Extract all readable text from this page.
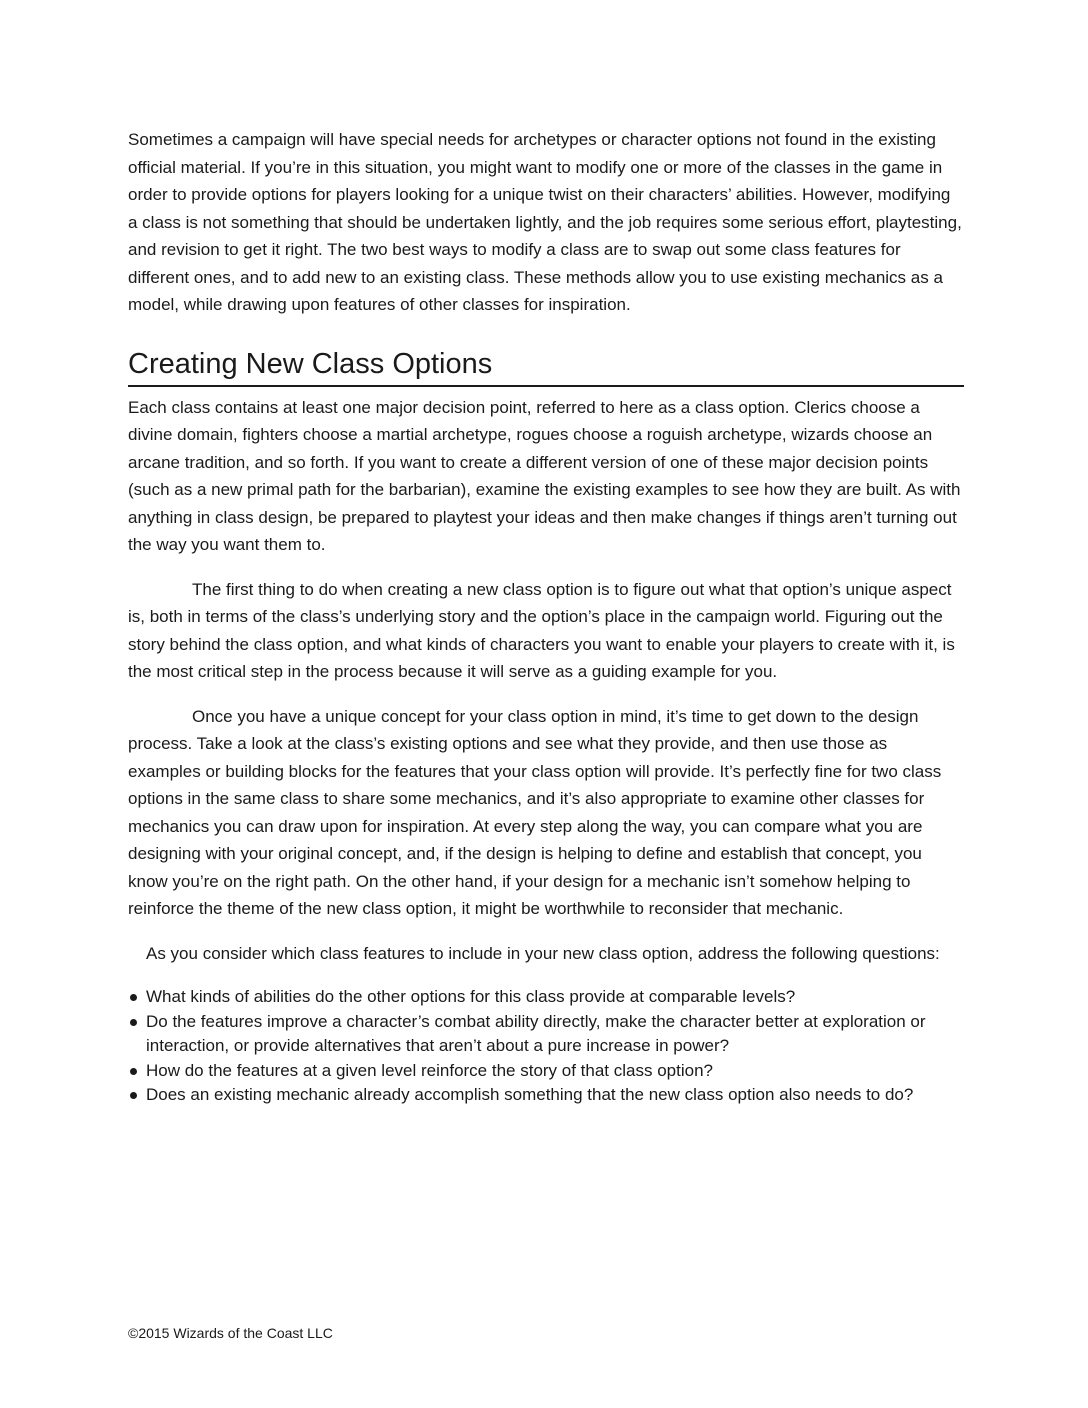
Sometimes a campaign will have special needs for archetypes or character options not found in the existing official material. If you’re in this situation, you might want to modify one or more of the classes in the game in order to provide options for players looking for a unique twist on their characters’ abilities. However, modifying a class is not something that should be undertaken lightly, and the job requires some serious effort, playtesting, and revision to get it right. The two best ways to modify a class are to swap out some class features for different ones, and to add new to an existing class. These methods allow you to use existing mechanics as a model, while drawing upon features of other classes for inspiration.

Creating New Class Options

Each class contains at least one major decision point, referred to here as a class option. Clerics choose a divine domain, fighters choose a martial archetype, rogues choose a roguish archetype, wizards choose an arcane tradition, and so forth. If you want to create a different version of one of these major decision points (such as a new primal path for the barbarian), examine the existing examples to see how they are built. As with anything in class design, be prepared to playtest your ideas and then make changes if things aren’t turning out the way you want them to.

The first thing to do when creating a new class option is to figure out what that option’s unique aspect is, both in terms of the class’s underlying story and the option’s place in the campaign world. Figuring out the story behind the class option, and what kinds of characters you want to enable your players to create with it, is the most critical step in the process because it will serve as a guiding example for you.

Once you have a unique concept for your class option in mind, it’s time to get down to the design process. Take a look at the class’s existing options and see what they provide, and then use those as examples or building blocks for the features that your class option will provide. It’s perfectly fine for two class options in the same class to share some mechanics, and it’s also appropriate to examine other classes for mechanics you can draw upon for inspiration. At every step along the way, you can compare what you are designing with your original concept, and, if the design is helping to define and establish that concept, you know you’re on the right path. On the other hand, if your design for a mechanic isn’t somehow helping to reinforce the theme of the new class option, it might be worthwhile to reconsider that mechanic.

As you consider which class features to include in your new class option, address the following questions:

What kinds of abilities do the other options for this class provide at comparable levels?
Do the features improve a character’s combat ability directly, make the character better at exploration or interaction, or provide alternatives that aren’t about a pure increase in power?
How do the features at a given level reinforce the story of that class option?
Does an existing mechanic already accomplish something that the new class option also needs to do?
©2015 Wizards of the Coast LLC
